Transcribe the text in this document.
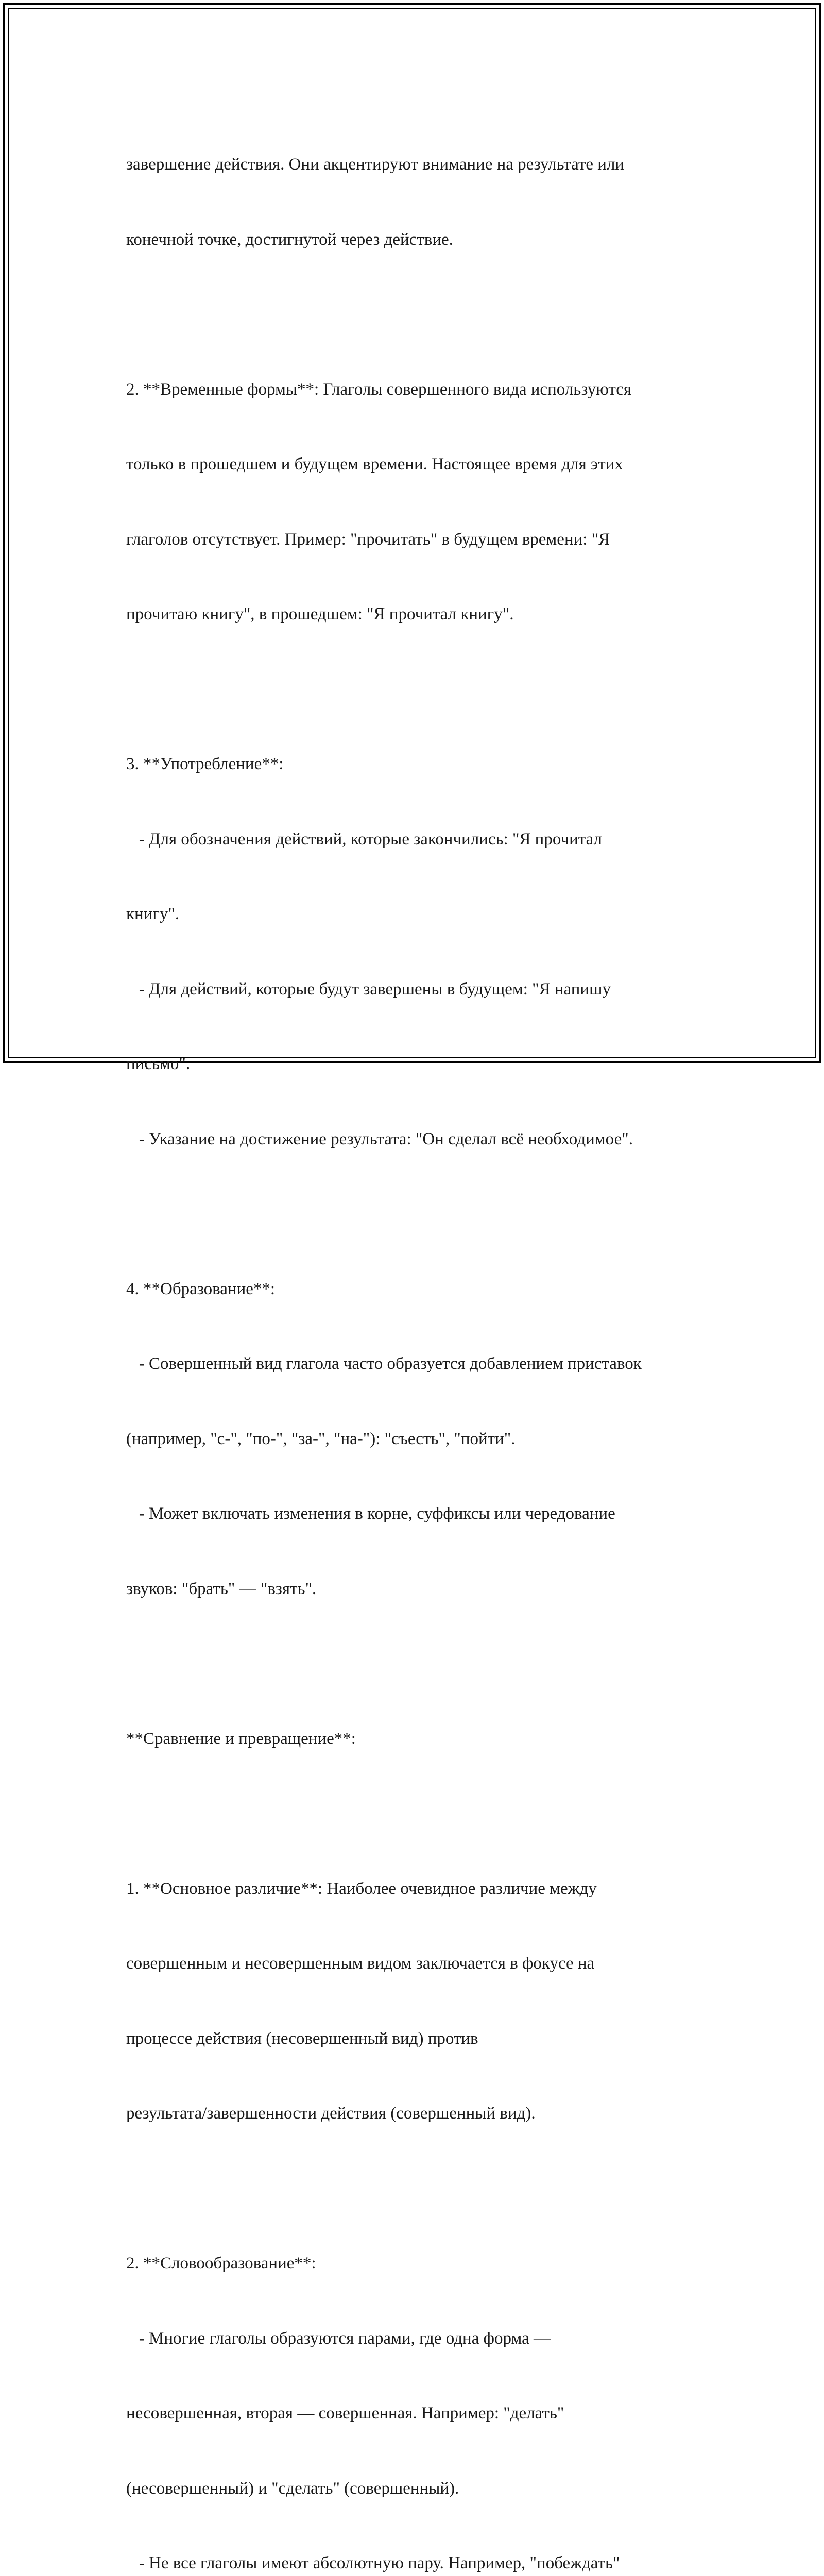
завершение действия. Они акцентируют внимание на результате или

конечной точке, достигнутой через действие.

2. **Временные формы**: Глаголы совершенного вида используются

только в прошедшем и будущем времени. Настоящее время для этих

глаголов отсутствует. Пример: "прочитать" в будущем времени: "Я

прочитаю книгу", в прошедшем: "Я прочитал книгу".

3. **Употребление**:

- Для обозначения действий, которые закончились: "Я прочитал

книгу".

- Для действий, которые будут завершены в будущем: "Я напишу

письмо".

- Указание на достижение результата: "Он сделал всё необходимое".

4. **Образование**:

- Совершенный вид глагола часто образуется добавлением приставок

(например, "с-", "по-", "за-", "на-"): "съесть", "пойти".

- Может включать изменения в корне, суффиксы или чередование

звуков: "брать" — "взять".

**Сравнение и превращение**:

1. **Основное различие**: Наиболее очевидное различие между

совершенным и несовершенным видом заключается в фокусе на

процессе действия (несовершенный вид) против

результата/завершенности действия (совершенный вид).

2. **Словообразование**:

- Многие глаголы образуются парами, где одна форма —

несовершенная, вторая — совершенная. Например: "делать"

(несовершенный) и "сделать" (совершенный).

- Не все глаголы имеют абсолютную пару. Например, "побеждать"
